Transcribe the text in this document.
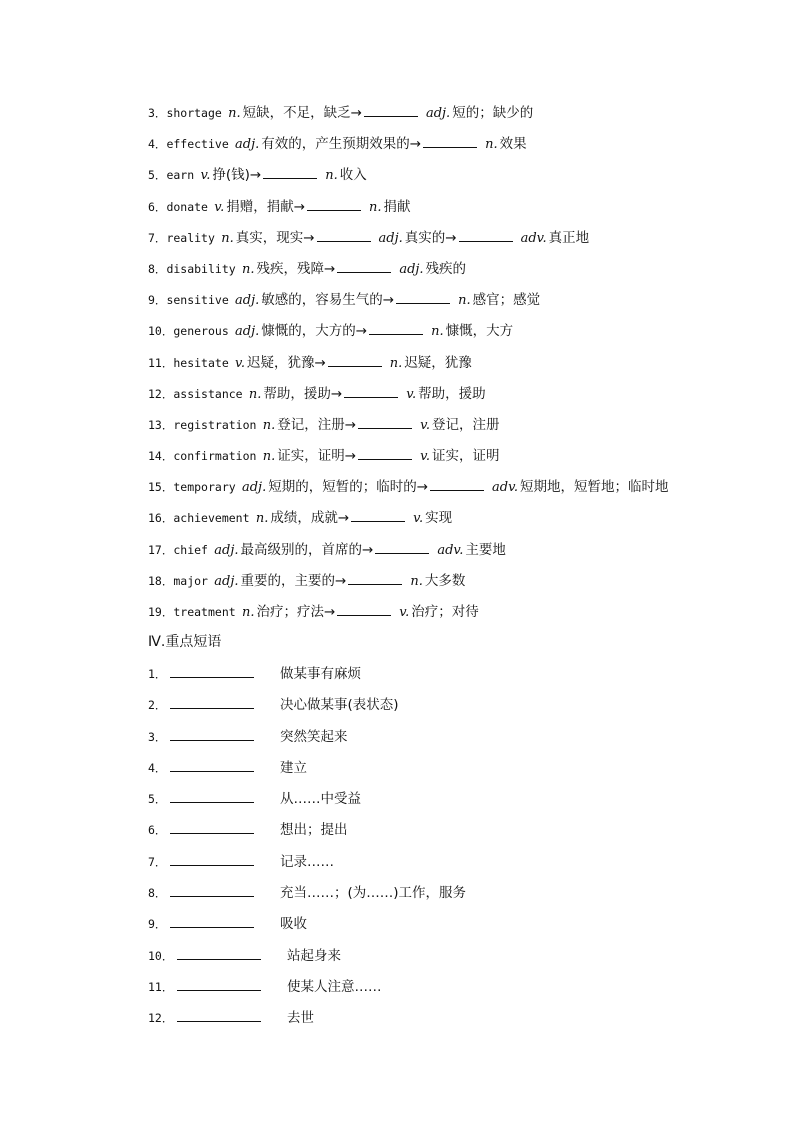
3．shortage n. 短缺，不足，缺乏→	adj. 短的；缺少的
4．effective adj. 有效的，产生预期效果的→	n. 效果
5．earn v. 挣(钱)→	n. 收入
6．donate v. 捐赠，捐献→	n. 捐献
7．reality n. 真实，现实→	adj. 真实的→	adv. 真正地
8．disability n. 残疾，残障→	adj. 残疾的
9．sensitive adj. 敏感的，容易生气的→	n. 感官；感觉
10．generous adj. 慷慨的，大方的→	n. 慷慨，大方
11．hesitate v. 迟疑，犹豫→	n. 迟疑，犹豫
12．assistance n. 帮助，援助→	v. 帮助，援助
13．registration n. 登记，注册→	v. 登记，注册
14．confirmation n. 证实，证明→	v. 证实，证明
15．temporary adj. 短期的，短暂的；临时的→	adv. 短期地，短暂地；临时地
16．achievement n. 成绩，成就→	v. 实现
17．chief adj. 最高级别的，首席的→	adv. 主要地
18．major adj. 重要的，主要的→	n. 大多数
19．treatment n. 治疗；疗法→	v. 治疗；对待
Ⅳ.重点短语
1．	做某事有麻烦
2．	决心做某事(表状态)
3．	突然笑起来
4．	建立
5．	从……中受益
6．	想出；提出
7．	记录……
8．	充当……；(为……)工作，服务
9．	吸收
10．	站起身来
11．	使某人注意……
12．	去世
